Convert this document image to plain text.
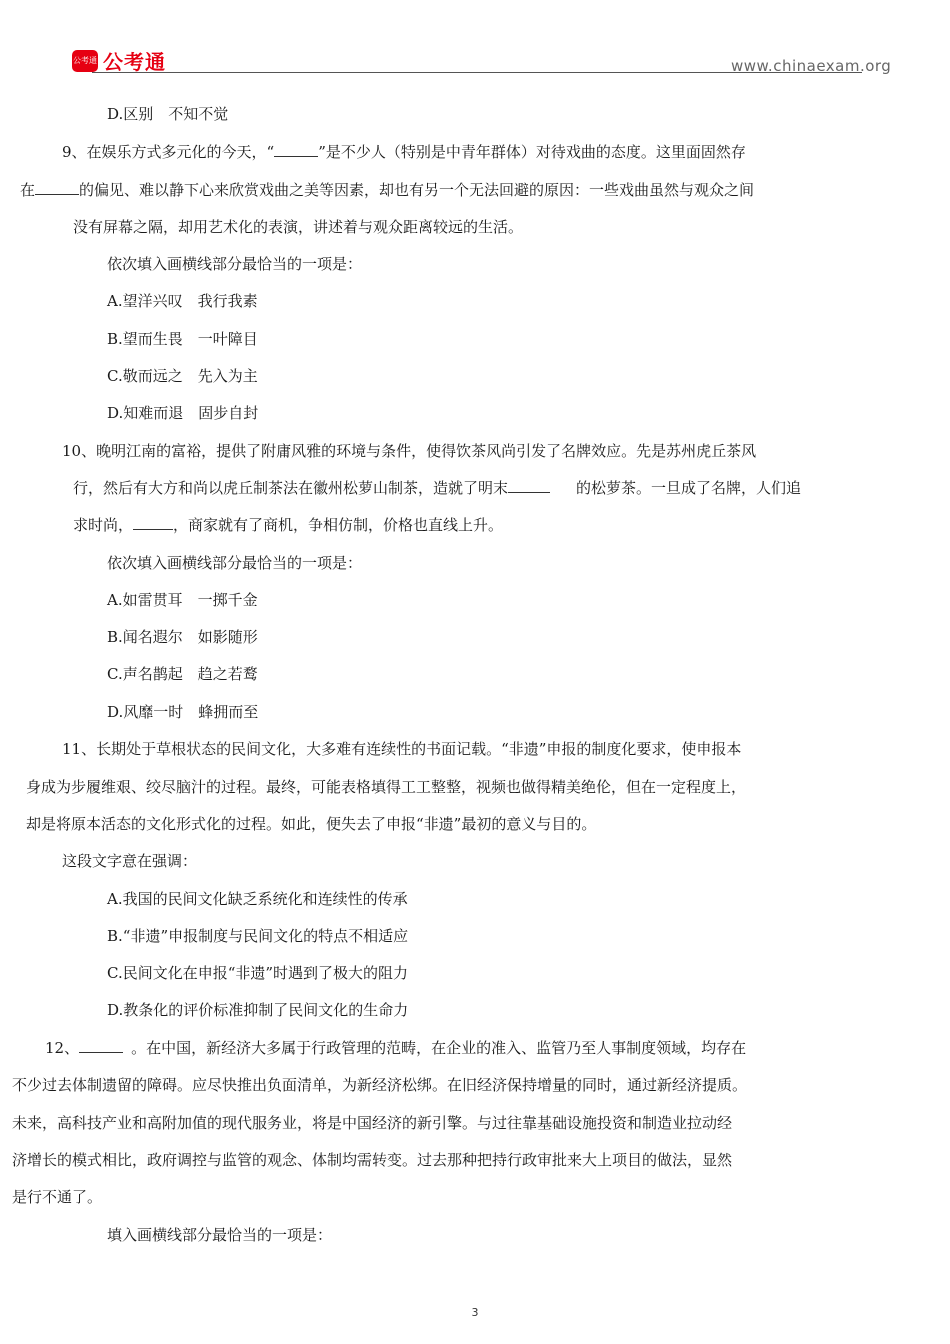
公考通 公考通	www.chinaexam.org
D.区别　不知不觉
9、在娱乐方式多元化的今天，“	”是不少人（特别是中青年群体）对待戏曲的态度。这里面固然存
在	的偏见、难以静下心来欣赏戏曲之美等因素，却也有另一个无法回避的原因：一些戏曲虽然与观众之间
没有屏幕之隔，却用艺术化的表演，讲述着与观众距离较远的生活。
依次填入画横线部分最恰当的一项是：
A.望洋兴叹　我行我素
B.望而生畏　一叶障目
C.敬而远之　先入为主
D.知难而退　固步自封
10、晚明江南的富裕，提供了附庸风雅的环境与条件，使得饮茶风尚引发了名牌效应。先是苏州虎丘茶风
行，然后有大方和尚以虎丘制茶法在徽州松萝山制茶，造就了明末	的松萝茶。一旦成了名牌，人们追
求时尚，	，商家就有了商机，争相仿制，价格也直线上升。
依次填入画横线部分最恰当的一项是：
A.如雷贯耳　一掷千金
B.闻名遐尔　如影随形
C.声名鹊起　趋之若鹜
D.风靡一时　蜂拥而至
11、长期处于草根状态的民间文化，大多难有连续性的书面记载。“非遗”申报的制度化要求，使申报本
身成为步履维艰、绞尽脑汁的过程。最终，可能表格填得工工整整，视频也做得精美绝伦，但在一定程度上，
却是将原本活态的文化形式化的过程。如此，便失去了申报“非遗”最初的意义与目的。
这段文字意在强调：
A.我国的民间文化缺乏系统化和连续性的传承
B.“非遗”申报制度与民间文化的特点不相适应
C.民间文化在申报“非遗”时遇到了极大的阻力
D.教条化的评价标准抑制了民间文化的生命力
12、	。在中国，新经济大多属于行政管理的范畴，在企业的准入、监管乃至人事制度领域，均存在
不少过去体制遗留的障碍。应尽快推出负面清单，为新经济松绑。在旧经济保持增量的同时，通过新经济提质。
未来，高科技产业和高附加值的现代服务业，将是中国经济的新引擎。与过往靠基础设施投资和制造业拉动经
济增长的模式相比，政府调控与监管的观念、体制均需转变。过去那种把持行政审批来大上项目的做法，显然
是行不通了。
填入画横线部分最恰当的一项是：
3
